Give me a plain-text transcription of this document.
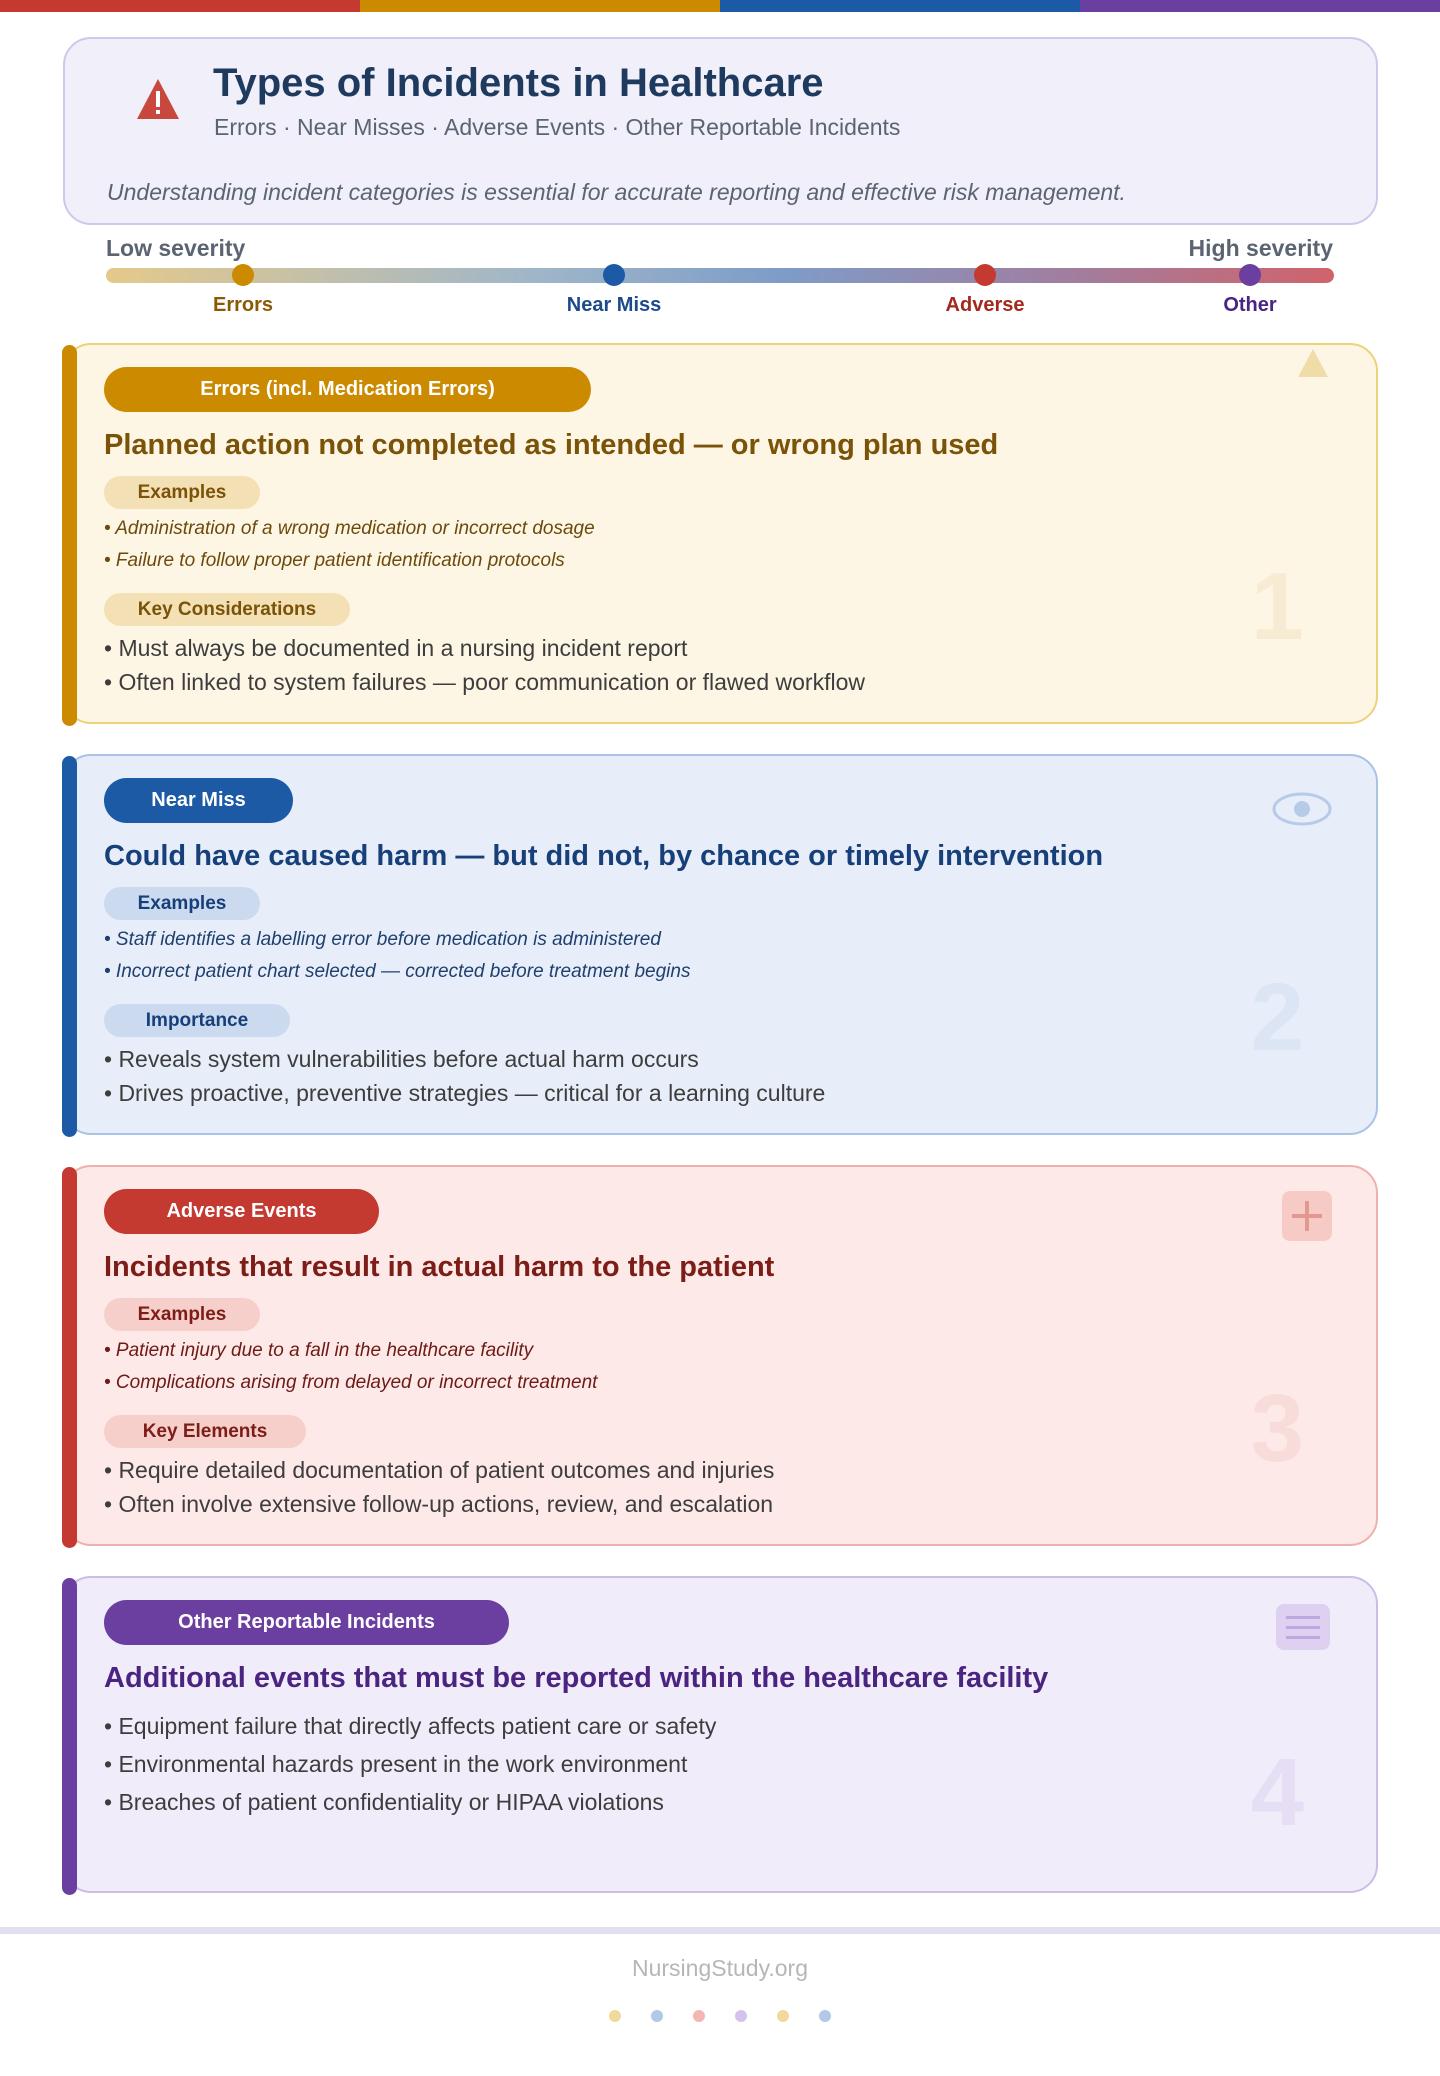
Types of Incidents in Healthcare
Errors · Near Misses · Adverse Events · Other Reportable Incidents
Understanding incident categories is essential for accurate reporting and effective risk management.
Low severity	High severity
Errors	Near Miss	Adverse	Other
1
Errors (incl. Medication Errors)
Planned action not completed as intended — or wrong plan used
Examples
• Administration of a wrong medication or incorrect dosage
• Failure to follow proper patient identification protocols
Key Considerations
• Must always be documented in a nursing incident report
• Often linked to system failures — poor communication or flawed workflow
2
Near Miss
Could have caused harm — but did not, by chance or timely intervention
Examples
• Staff identifies a labelling error before medication is administered
• Incorrect patient chart selected — corrected before treatment begins
Importance
• Reveals system vulnerabilities before actual harm occurs
• Drives proactive, preventive strategies — critical for a learning culture
3
Adverse Events
Incidents that result in actual harm to the patient
Examples
• Patient injury due to a fall in the healthcare facility
• Complications arising from delayed or incorrect treatment
Key Elements
• Require detailed documentation of patient outcomes and injuries
• Often involve extensive follow-up actions, review, and escalation
4
Other Reportable Incidents
Additional events that must be reported within the healthcare facility
• Equipment failure that directly affects patient care or safety
• Environmental hazards present in the work environment
• Breaches of patient confidentiality or HIPAA violations
NursingStudy.org
